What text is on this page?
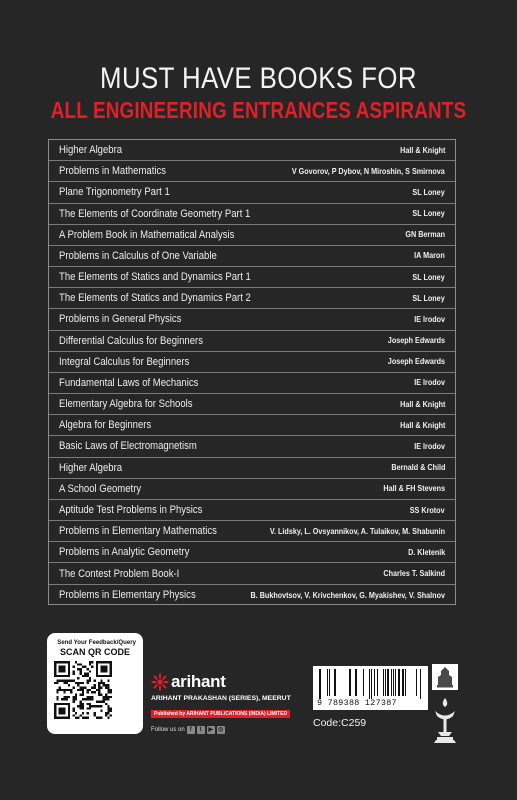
MUST HAVE BOOKS FOR
ALL ENGINEERING ENTRANCES ASPIRANTS
Higher Algebra	Hall & Knight
Problems in Mathematics	V Govorov, P Dybov, N Miroshin, S Smirnova
Plane Trigonometry Part 1	SL Loney
The Elements of Coordinate Geometry Part 1	SL Loney
A Problem Book in Mathematical Analysis	GN Berman
Problems in Calculus of One Variable	IA Maron
The Elements of Statics and Dynamics Part 1	SL Loney
The Elements of Statics and Dynamics Part 2	SL Loney
Problems in General Physics	IE Irodov
Differential Calculus for Beginners	Joseph Edwards
Integral Calculus for Beginners	Joseph Edwards
Fundamental Laws of Mechanics	IE Irodov
Elementary Algebra for Schools	Hall & Knight
Algebra for Beginners	Hall & Knight
Basic Laws of Electromagnetism	IE Irodov
Higher Algebra	Bernald & Child
A School Geometry	Hall & FH Stevens
Aptitude Test Problems in Physics	SS Krotov
Problems in Elementary Mathematics	V. Lidsky, L. Ovsyannikov, A. Tulaikov, M. Shabunin
Problems in Analytic Geometry	D. Kletenik
The Contest Problem Book-I	Charles T. Salkind
Problems in Elementary Physics	B. Bukhovtsov, V. Krivchenkov, G. Myakishev, V. Shalnov
Send Your Feedback/Query
SCAN QR CODE
arihant
ARIHANT PRAKASHAN (SERIES), MEERUT
Published by ARIHANT PUBLICATIONS (INDIA) LIMITED
Follow us on f	t	▶ ◎
9 789388 127387
Code:C259
